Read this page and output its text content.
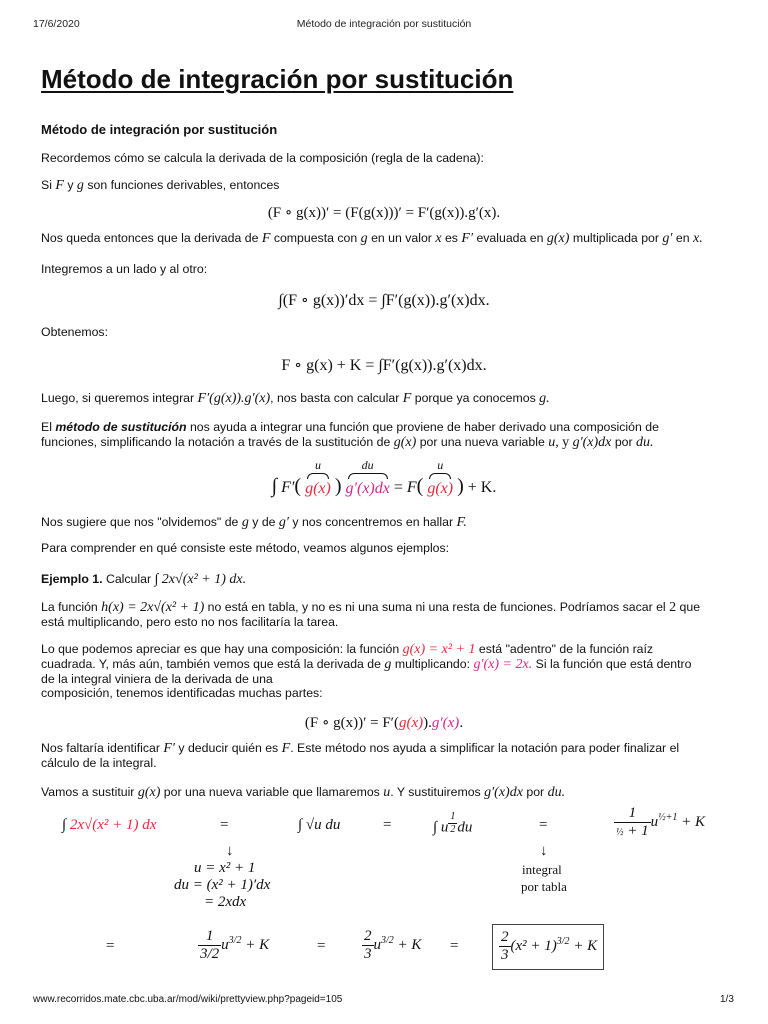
17/6/2020	Método de integración por sustitución
Método de integración por sustitución
Método de integración por sustitución
Recordemos cómo se calcula la derivada de la composición (regla de la cadena):
Si F y g son funciones derivables, entonces
(F ∘ g(x))′ = (F(g(x)))′ = F′(g(x)).g′(x).
Nos queda entonces que la derivada de F compuesta con g en un valor x es F′ evaluada en g(x) multiplicada por g′ en x.
Integremos a un lado y al otro:
∫(F ∘ g(x))′dx = ∫F′(g(x)).g′(x)dx.
Obtenemos:
F ∘ g(x) + K = ∫F′(g(x)).g′(x)dx.
Luego, si queremos integrar F′(g(x)).g′(x), nos basta con calcular F porque ya conocemos g.
El método de sustitución nos ayuda a integrar una función que proviene de haber derivado una composición de
funciones, simplificando la notación a través de la sustitución de g(x) por una nueva variable u, y g′(x)dx por du.
∫ F′(
u
g(x) )
du
g′(x)dx = F(
u
g(x) ) + K.
Nos sugiere que nos "olvidemos" de g y de g′ y nos concentremos en hallar F.
Para comprender en qué consiste este método, veamos algunos ejemplos:
Ejemplo 1. Calcular ∫ 2x√(x² + 1) dx.
La función h(x) = 2x√(x² + 1) no está en tabla, y no es ni una suma ni una resta de funciones. Podríamos sacar el 2 que
está multiplicando, pero esto no nos facilitaría la tarea.
Lo que podemos apreciar es que hay una composición: la función g(x) = x² + 1 está "adentro" de la función raíz
cuadrada. Y, más aún, también vemos que está la derivada de g multiplicando: g′(x) = 2x. Si la función que está dentro
de la integral viniera de la derivada de una
composición, tenemos identificadas muchas partes:
(F ∘ g(x))′ = F′(g(x)).g′(x).
Nos faltaría identificar F′ y deducir quién es F. Este método nos ayuda a simplificar la notación para poder finalizar el
cálculo de la integral.
Vamos a sustituir g(x) por una nueva variable que llamaremos u. Y sustituiremos g′(x)dx por du.
∫ 2x√(x² + 1) dx	=	∫ √u du	=	∫ u $^{\frac{1}{2}}$ du	=	$\frac{1}{\text{½ + 1}} u^{\frac{1}{2}+1} + K$
↓	↓
u = x² + 1
du = (x² + 1)′dx
= 2xdx
integral
por tabla
=	$\frac{1}{3/2} u^{3/2} + K$	= $\frac{2}{3} u^{3/2} + K$ =	$\frac{2}{3} (x^2 + 1)^{3/2} + K$
www.recorridos.mate.cbc.uba.ar/mod/wiki/prettyview.php?pageid=105	1/3
